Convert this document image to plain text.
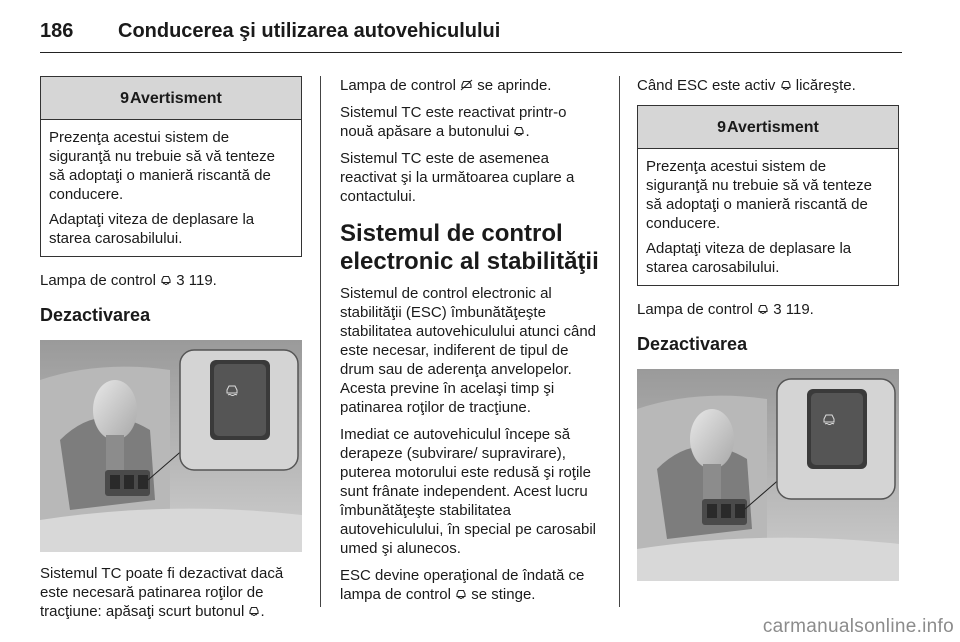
186 Conducerea şi utilizarea autovehiculului
9 Avertisment

Prezenţa acestui sistem de siguranţă nu trebuie să vă tenteze să adoptaţi o manieră riscantă de conducere.

Adaptaţi viteza de deplasare la starea carosabilului.

Lampa de control 3 119.

Dezactivarea

Sistemul TC poate fi dezactivat dacă este necesară patinarea roţilor de tracţiune: apăsaţi scurt butonul .

Lampa de control se aprinde.

Sistemul TC este reactivat printr-o nouă apăsare a butonului .

Sistemul TC este de asemenea reactivat şi la următoarea cuplare a contactului.

Sistemul de control electronic al stabilităţii

Sistemul de control electronic al stabilităţii (ESC) îmbunătăţeşte stabilitatea autovehiculului atunci când este necesar, indiferent de tipul de drum sau de aderenţa anvelopelor. Acesta previne în acelaşi timp şi patinarea roţilor de tracţiune.

Imediat ce autovehiculul începe să derapeze (subvirare/ supravirare), puterea motorului este redusă şi roţile sunt frânate independent. Acest lucru îmbunătăţeşte stabilitatea autovehiculului, în special pe carosabil umed şi alunecos.

ESC devine operaţional de îndată ce lampa de control se stinge.

Când ESC este activ licăreşte.

9 Avertisment

Prezenţa acestui sistem de siguranţă nu trebuie să vă tenteze să adoptaţi o manieră riscantă de conducere.

Adaptaţi viteza de deplasare la starea carosabilului.

Lampa de control 3 119.

Dezactivarea
carmanualsonline.info
